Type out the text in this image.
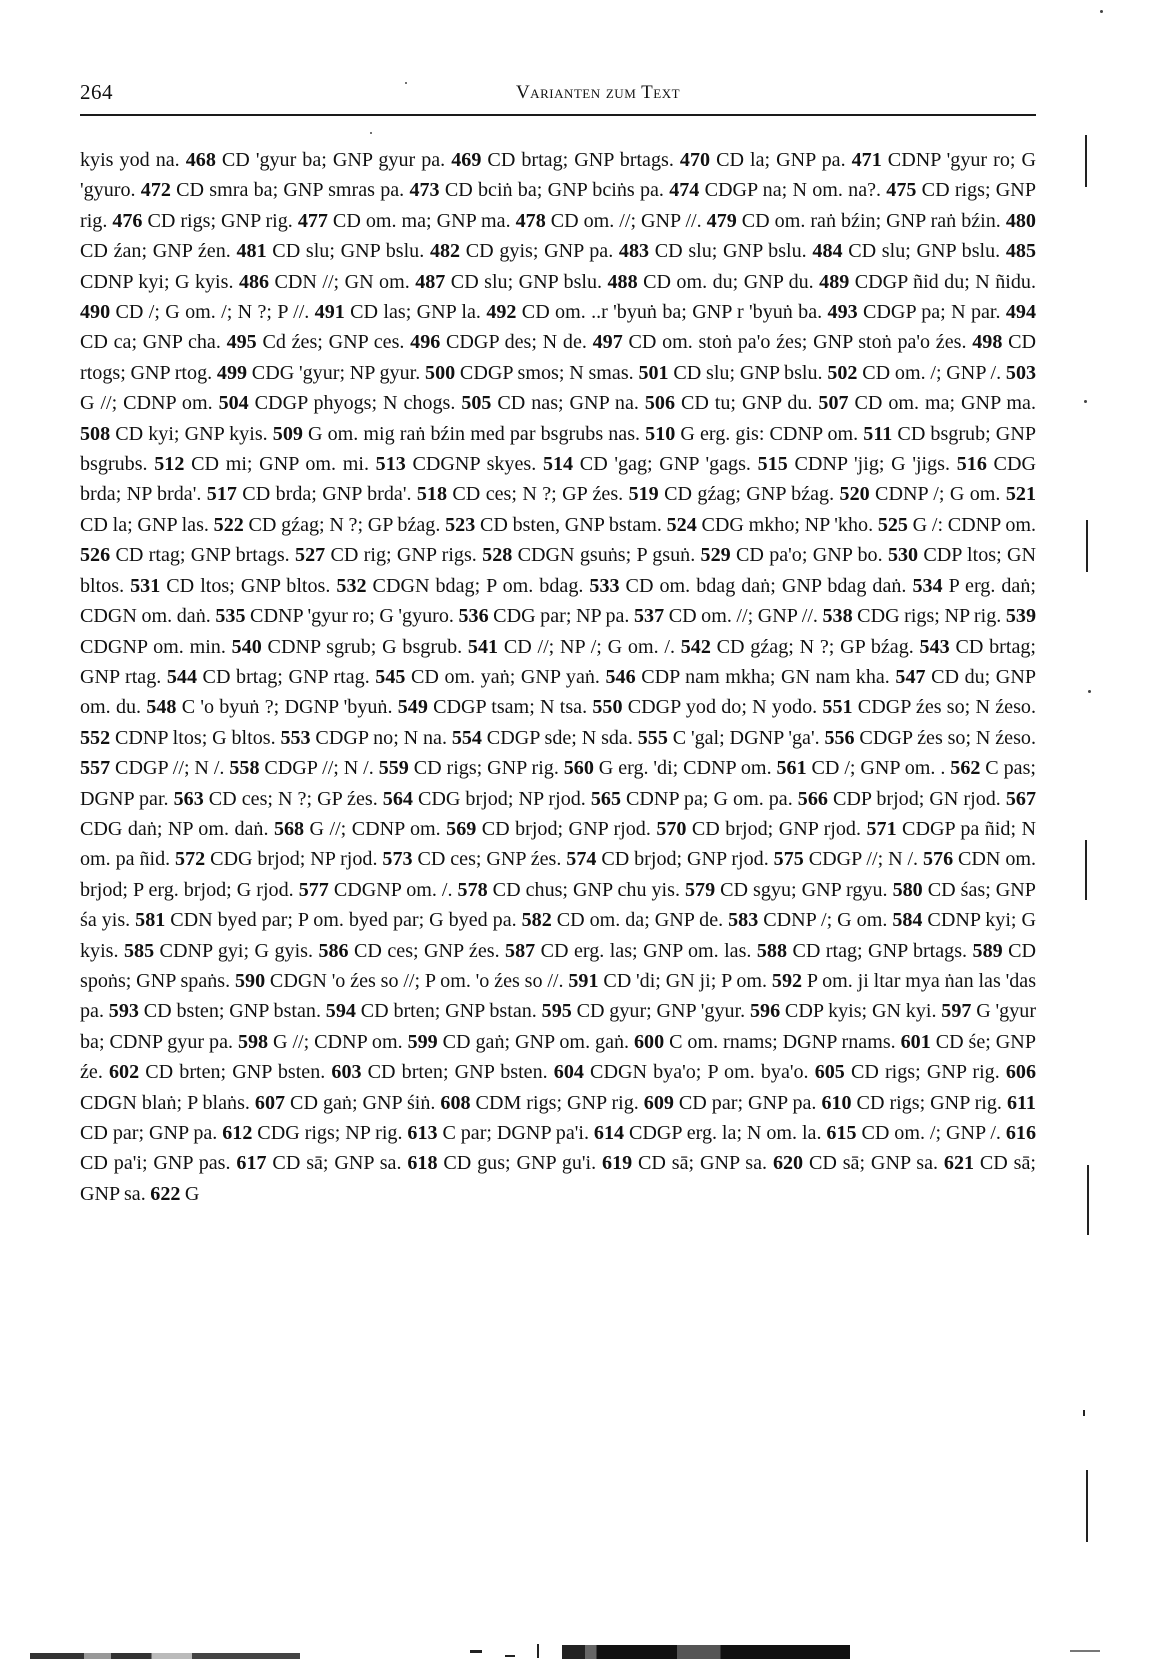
264	Varianten zum Text
kyis yod na. 468 CD 'gyur ba; GNP gyur pa. 469 CD brtag; GNP brtags. 470 CD la; GNP pa. 471 CDNP 'gyur ro; G 'gyuro. 472 CD smra ba; GNP smras pa. 473 CD bciṅ ba; GNP bciṅs pa. 474 CDGP na; N om. na?. 475 CD rigs; GNP rig. 476 CD rigs; GNP rig. 477 CD om. ma; GNP ma. 478 CD om. //; GNP //. 479 CD om. raṅ bźin; GNP raṅ bźin. 480 CD źan; GNP źen. 481 CD slu; GNP bslu. 482 CD gyis; GNP pa. 483 CD slu; GNP bslu. 484 CD slu; GNP bslu. 485 CDNP kyi; G kyis. 486 CDN //; GN om. 487 CD slu; GNP bslu. 488 CD om. du; GNP du. 489 CDGP ñid du; N ñidu. 490 CD /; G om. /; N ?; P //. 491 CD las; GNP la. 492 CD om. ..r 'byuṅ ba; GNP r 'byuṅ ba. 493 CDGP pa; N par. 494 CD ca; GNP cha. 495 Cd źes; GNP ces. 496 CDGP des; N de. 497 CD om. stoṅ pa'o źes; GNP stoṅ pa'o źes. 498 CD rtogs; GNP rtog. 499 CDG 'gyur; NP gyur. 500 CDGP smos; N smas. 501 CD slu; GNP bslu. 502 CD om. /; GNP /. 503 G //; CDNP om. 504 CDGP phyogs; N chogs. 505 CD nas; GNP na. 506 CD tu; GNP du. 507 CD om. ma; GNP ma. 508 CD kyi; GNP kyis. 509 G om. mig raṅ bźin med par bsgrubs nas. 510 G erg. gis: CDNP om. 511 CD bsgrub; GNP bsgrubs. 512 CD mi; GNP om. mi. 513 CDGNP skyes. 514 CD 'gag; GNP 'gags. 515 CDNP 'jig; G 'jigs. 516 CDG brda; NP brda'. 517 CD brda; GNP brda'. 518 CD ces; N ?; GP źes. 519 CD gźag; GNP bźag. 520 CDNP /; G om. 521 CD la; GNP las. 522 CD gźag; N ?; GP bźag. 523 CD bsten, GNP bstam. 524 CDG mkho; NP 'kho. 525 G /: CDNP om. 526 CD rtag; GNP brtags. 527 CD rig; GNP rigs. 528 CDGN gsuṅs; P gsuṅ. 529 CD pa'o; GNP bo. 530 CDP ltos; GN bltos. 531 CD ltos; GNP bltos. 532 CDGN bdag; P om. bdag. 533 CD om. bdag daṅ; GNP bdag daṅ. 534 P erg. daṅ; CDGN om. daṅ. 535 CDNP 'gyur ro; G 'gyuro. 536 CDG par; NP pa. 537 CD om. //; GNP //. 538 CDG rigs; NP rig. 539 CDGNP om. min. 540 CDNP sgrub; G bsgrub. 541 CD //; NP /; G om. /. 542 CD gźag; N ?; GP bźag. 543 CD brtag; GNP rtag. 544 CD brtag; GNP rtag. 545 CD om. yaṅ; GNP yaṅ. 546 CDP nam mkha; GN nam kha. 547 CD du; GNP om. du. 548 C 'o byuṅ ?; DGNP 'byuṅ. 549 CDGP tsam; N tsa. 550 CDGP yod do; N yodo. 551 CDGP źes so; N źeso. 552 CDNP ltos; G bltos. 553 CDGP no; N na. 554 CDGP sde; N sda. 555 C 'gal; DGNP 'ga'. 556 CDGP źes so; N źeso. 557 CDGP //; N /. 558 CDGP //; N /. 559 CD rigs; GNP rig. 560 G erg. 'di; CDNP om. 561 CD /; GNP om. . 562 C pas; DGNP par. 563 CD ces; N ?; GP źes. 564 CDG brjod; NP rjod. 565 CDNP pa; G om. pa. 566 CDP brjod; GN rjod. 567 CDG daṅ; NP om. daṅ. 568 G //; CDNP om. 569 CD brjod; GNP rjod. 570 CD brjod; GNP rjod. 571 CDGP pa ñid; N om. pa ñid. 572 CDG brjod; NP rjod. 573 CD ces; GNP źes. 574 CD brjod; GNP rjod. 575 CDGP //; N /. 576 CDN om. brjod; P erg. brjod; G rjod. 577 CDGNP om. /. 578 CD chus; GNP chu yis. 579 CD sgyu; GNP rgyu. 580 CD śas; GNP śa yis. 581 CDN byed par; P om. byed par; G byed pa. 582 CD om. da; GNP de. 583 CDNP /; G om. 584 CDNP kyi; G kyis. 585 CDNP gyi; G gyis. 586 CD ces; GNP źes. 587 CD erg. las; GNP om. las. 588 CD rtag; GNP brtags. 589 CD spoṅs; GNP spaṅs. 590 CDGN 'o źes so //; P om. 'o źes so //. 591 CD 'di; GN ji; P om. 592 P om. ji ltar mya ṅan las 'das pa. 593 CD bsten; GNP bstan. 594 CD brten; GNP bstan. 595 CD gyur; GNP 'gyur. 596 CDP kyis; GN kyi. 597 G 'gyur ba; CDNP gyur pa. 598 G //; CDNP om. 599 CD gaṅ; GNP om. gaṅ. 600 C om. rnams; DGNP rnams. 601 CD śe; GNP źe. 602 CD brten; GNP bsten. 603 CD brten; GNP bsten. 604 CDGN bya'o; P om. bya'o. 605 CD rigs; GNP rig. 606 CDGN blaṅ; P blaṅs. 607 CD gaṅ; GNP śiṅ. 608 CDM rigs; GNP rig. 609 CD par; GNP pa. 610 CD rigs; GNP rig. 611 CD par; GNP pa. 612 CDG rigs; NP rig. 613 C par; DGNP pa'i. 614 CDGP erg. la; N om. la. 615 CD om. /; GNP /. 616 CD pa'i; GNP pas. 617 CD sā; GNP sa. 618 CD gus; GNP gu'i. 619 CD sā; GNP sa. 620 CD sā; GNP sa. 621 CD sā; GNP sa. 622 G
